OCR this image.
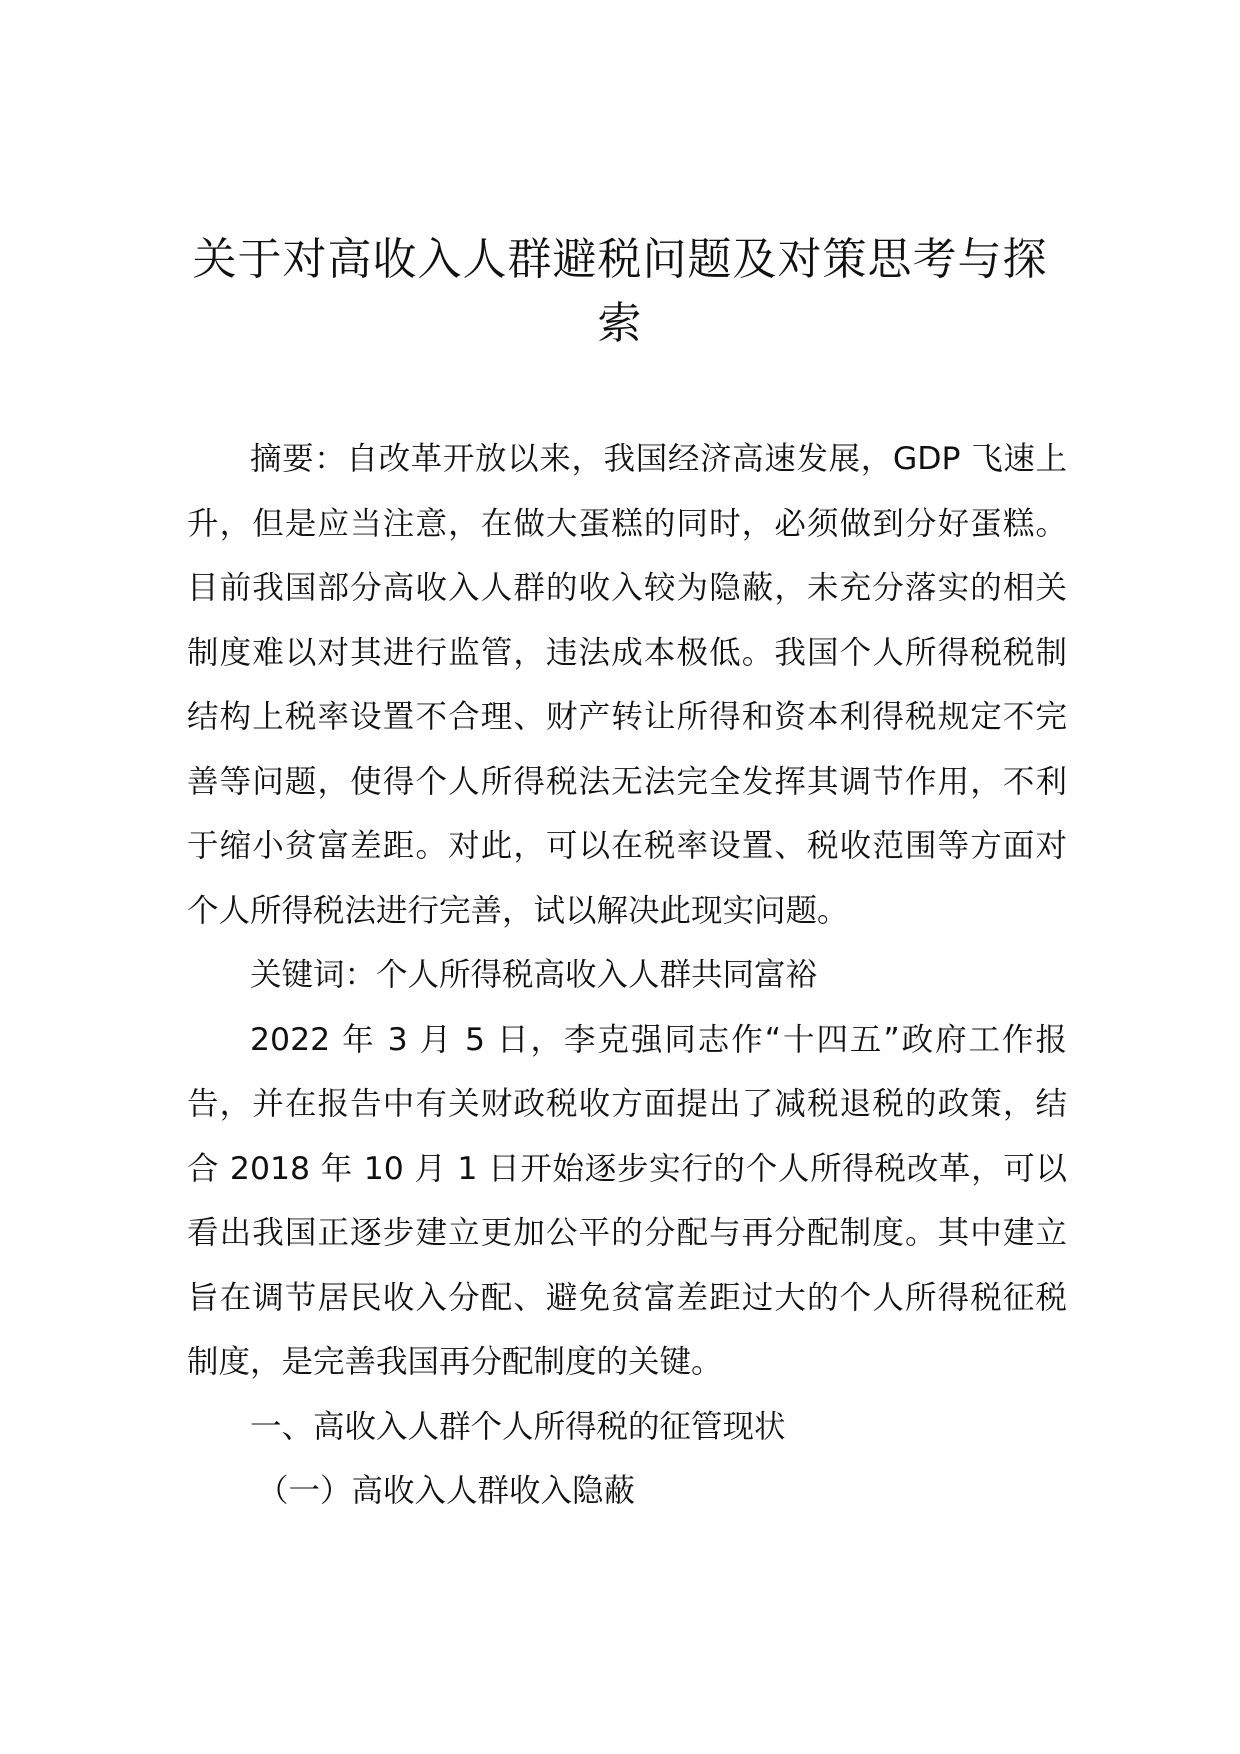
关于对高收入人群避税问题及对策思考与探索

摘要：自改革开放以来，我国经济高速发展，GDP 飞速上升，但是应当注意，在做大蛋糕的同时，必须做到分好蛋糕。目前我国部分高收入人群的收入较为隐蔽，未充分落实的相关制度难以对其进行监管，违法成本极低。我国个人所得税税制结构上税率设置不合理、财产转让所得和资本利得税规定不完善等问题，使得个人所得税法无法完全发挥其调节作用，不利于缩小贫富差距。对此，可以在税率设置、税收范围等方面对个人所得税法进行完善，试以解决此现实问题。

关键词：个人所得税高收入人群共同富裕

2022 年 3 月 5 日，李克强同志作“十四五”政府工作报告，并在报告中有关财政税收方面提出了减税退税的政策，结合 2018 年 10 月 1 日开始逐步实行的个人所得税改革，可以看出我国正逐步建立更加公平的分配与再分配制度。其中建立旨在调节居民收入分配、避免贫富差距过大的个人所得税征税制度，是完善我国再分配制度的关键。

一、高收入人群个人所得税的征管现状

（一）高收入人群收入隐蔽
